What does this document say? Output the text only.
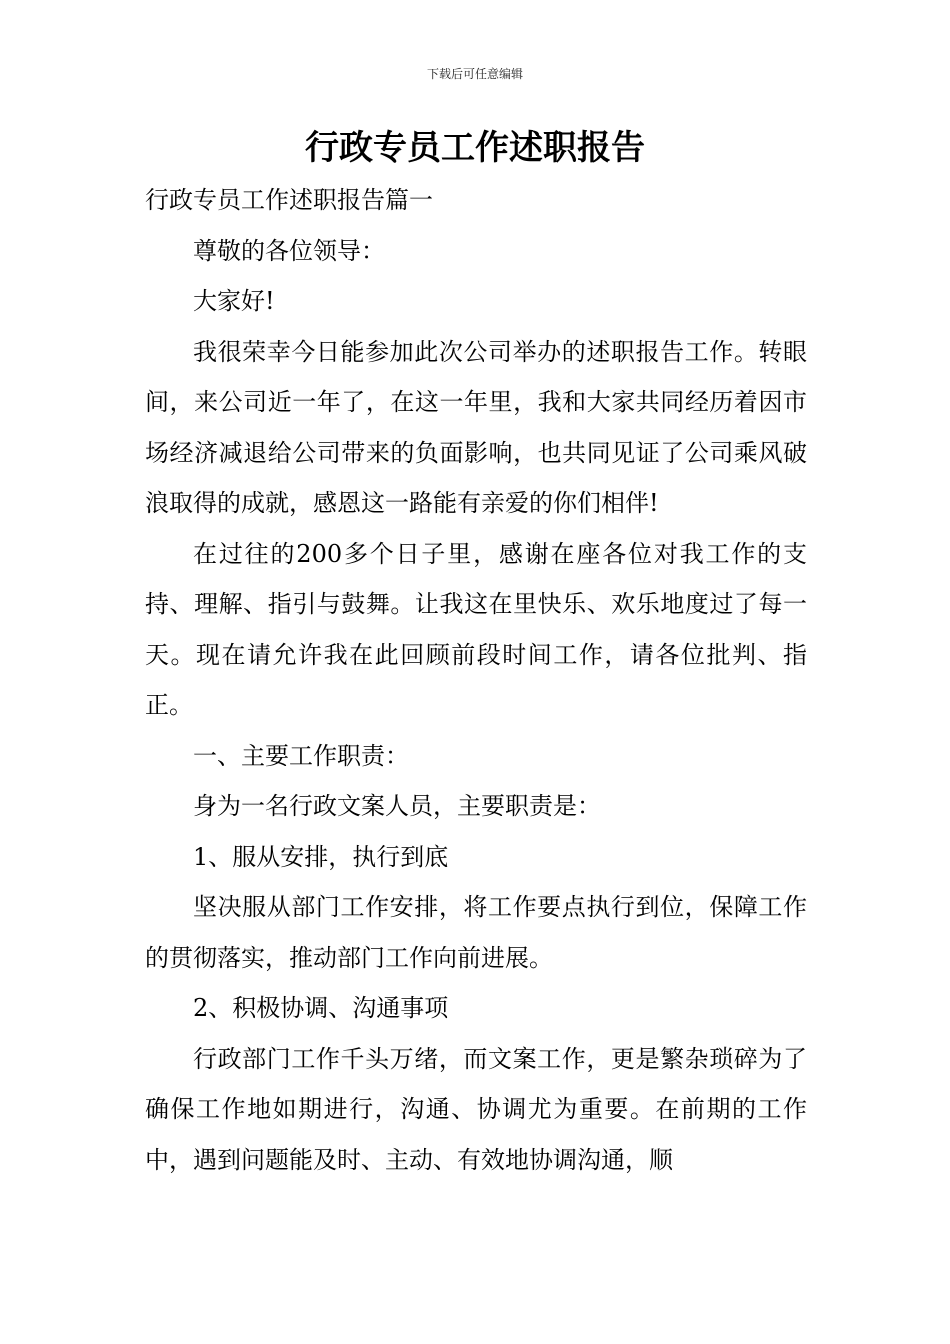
下载后可任意编辑
行政专员工作述职报告

行政专员工作述职报告篇一

尊敬的各位领导：

大家好!

我很荣幸今日能参加此次公司举办的述职报告工作。转眼间，来公司近一年了，在这一年里，我和大家共同经历着因市场经济减退给公司带来的负面影响，也共同见证了公司乘风破浪取得的成就，感恩这一路能有亲爱的你们相伴!

在过往的200多个日子里，感谢在座各位对我工作的支持、理解、指引与鼓舞。让我这在里快乐、欢乐地度过了每一天。现在请允许我在此回顾前段时间工作，请各位批判、指正。

一、主要工作职责：

身为一名行政文案人员，主要职责是：

1、服从安排，执行到底

坚决服从部门工作安排，将工作要点执行到位，保障工作的贯彻落实，推动部门工作向前进展。

2、积极协调、沟通事项

行政部门工作千头万绪，而文案工作，更是繁杂琐碎为了确保工作地如期进行，沟通、协调尤为重要。在前期的工作中，遇到问题能及时、主动、有效地协调沟通，顺
